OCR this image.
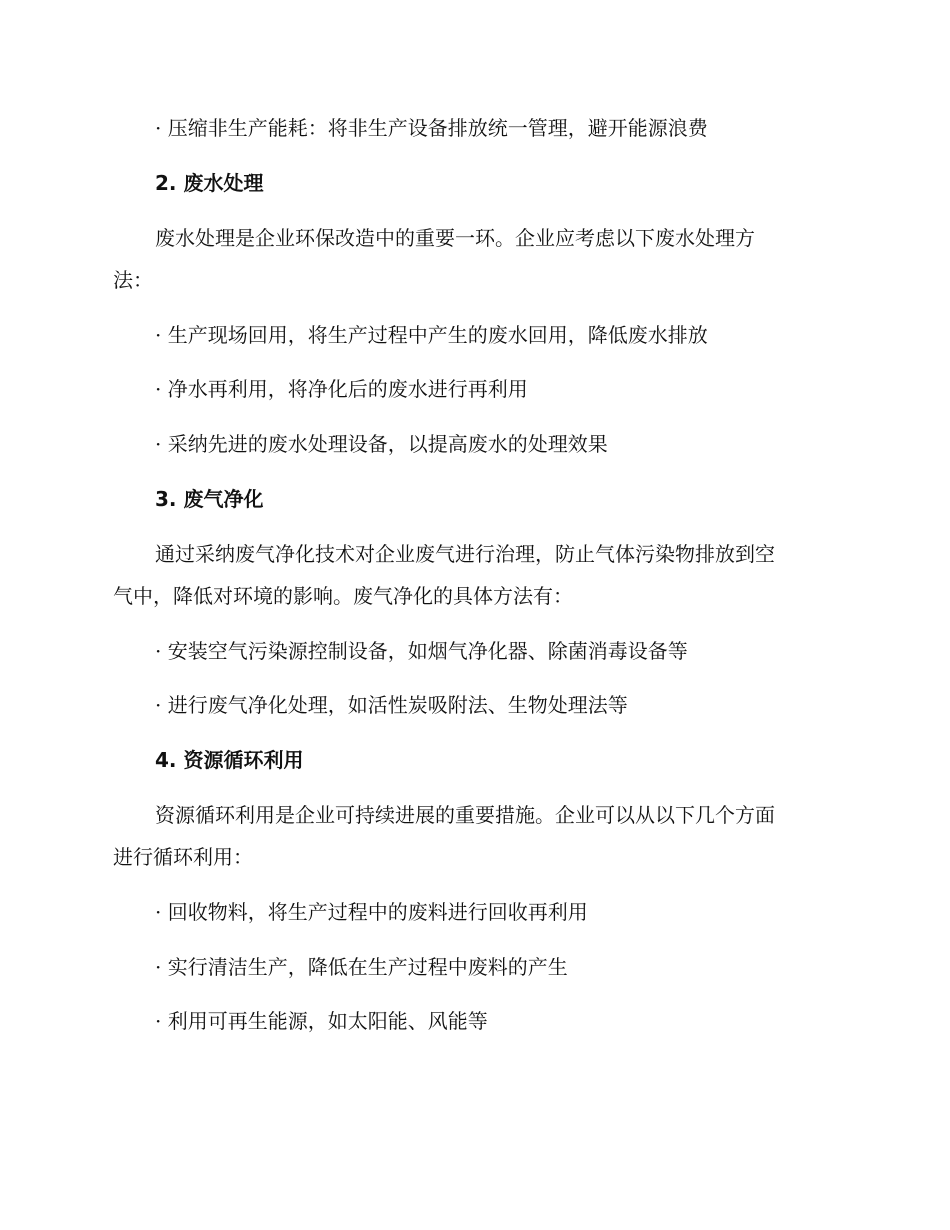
· 压缩非生产能耗：将非生产设备排放统一管理，避开能源浪费
2. 废水处理
废水处理是企业环保改造中的重要一环。企业应考虑以下废水处理方
法：
· 生产现场回用，将生产过程中产生的废水回用，降低废水排放
· 净水再利用，将净化后的废水进行再利用
· 采纳先进的废水处理设备，以提高废水的处理效果
3. 废气净化
通过采纳废气净化技术对企业废气进行治理，防止气体污染物排放到空
气中，降低对环境的影响。废气净化的具体方法有：
· 安装空气污染源控制设备，如烟气净化器、除菌消毒设备等
· 进行废气净化处理，如活性炭吸附法、生物处理法等
4. 资源循环利用
资源循环利用是企业可持续进展的重要措施。企业可以从以下几个方面
进行循环利用：
· 回收物料，将生产过程中的废料进行回收再利用
· 实行清洁生产，降低在生产过程中废料的产生
· 利用可再生能源，如太阳能、风能等
